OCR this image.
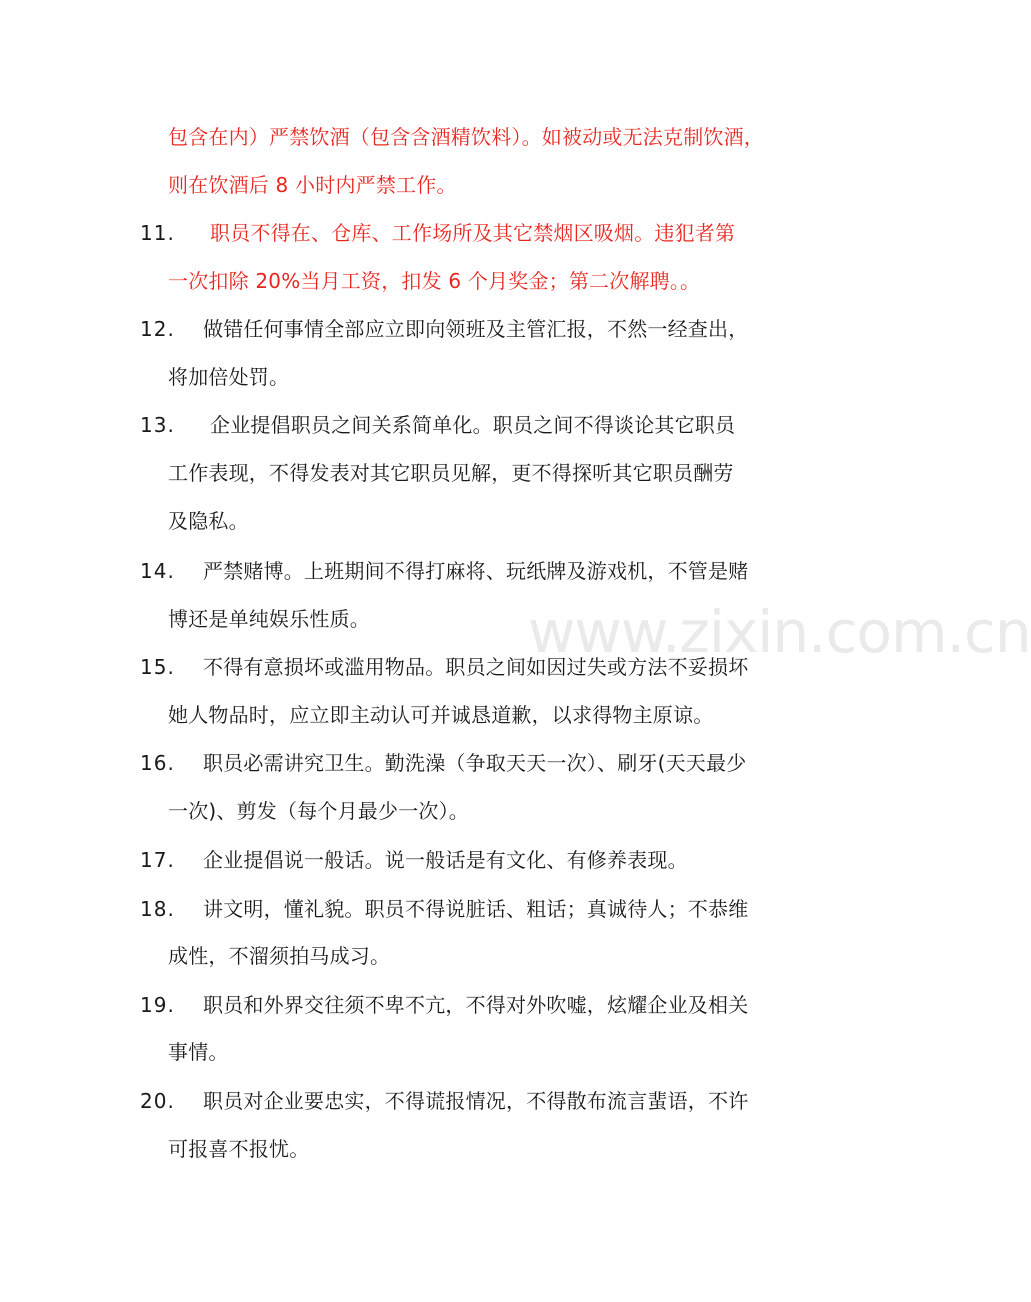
www.zixin.com.cn
包含在内）严禁饮酒（包含含酒精饮料）。如被动或无法克制饮酒，
则在饮酒后 8 小时内严禁工作。
11.	职员不得在、仓库、工作场所及其它禁烟区吸烟。违犯者第
一次扣除 20%当月工资，扣发 6 个月奖金；第二次解聘。。
12.	做错任何事情全部应立即向领班及主管汇报，不然一经查出，
将加倍处罚。
13.	企业提倡职员之间关系简单化。职员之间不得谈论其它职员
工作表现，不得发表对其它职员见解，更不得探听其它职员酬劳
及隐私。
14.	严禁赌博。上班期间不得打麻将、玩纸牌及游戏机，不管是赌
博还是单纯娱乐性质。
15.	不得有意损坏或滥用物品。职员之间如因过失或方法不妥损坏
她人物品时，应立即主动认可并诚恳道歉，以求得物主原谅。
16.	职员必需讲究卫生。勤洗澡（争取天天一次）、刷牙(天天最少
一次)、剪发（每个月最少一次）。
17.	企业提倡说一般话。说一般话是有文化、有修养表现。
18.	讲文明，懂礼貌。职员不得说脏话、粗话；真诚待人；不恭维
成性，不溜须拍马成习。
19.	职员和外界交往须不卑不亢，不得对外吹嘘，炫耀企业及相关
事情。
20.	职员对企业要忠实，不得谎报情况，不得散布流言蜚语，不许
可报喜不报忧。
